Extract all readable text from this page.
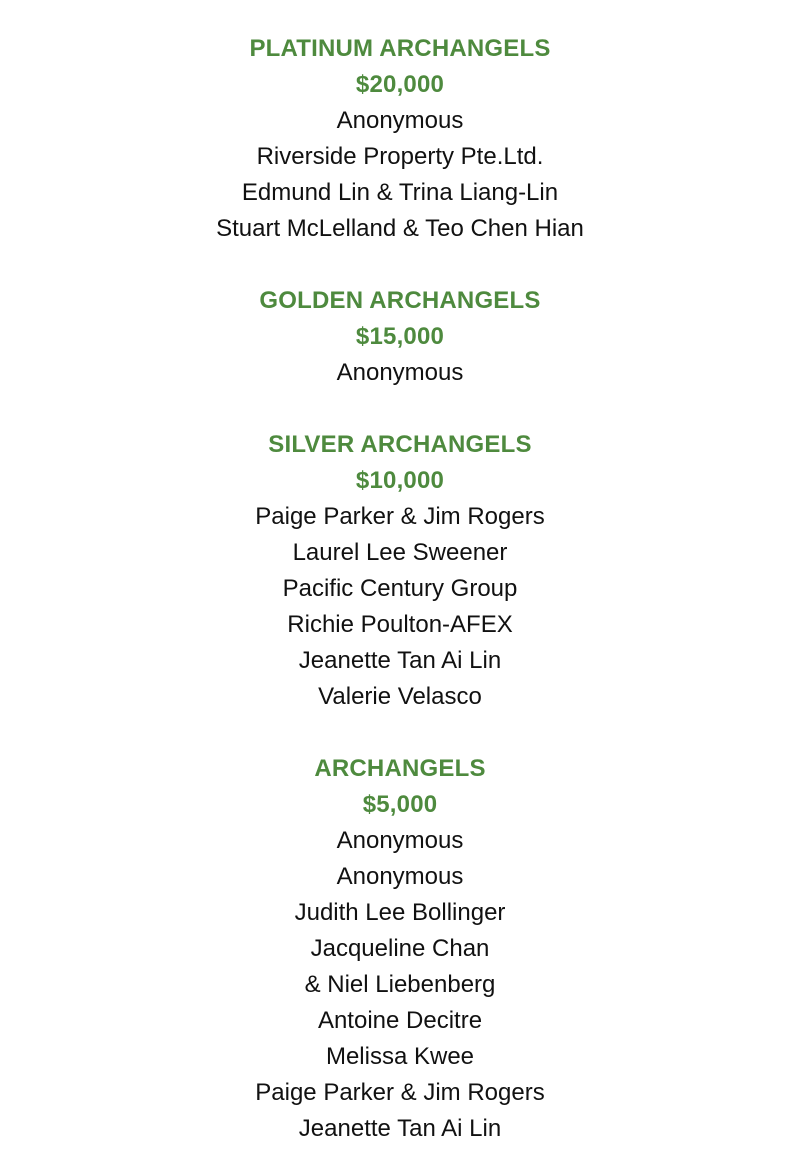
PLATINUM ARCHANGELS
$20,000
Anonymous
Riverside Property Pte.Ltd.
Edmund Lin & Trina Liang-Lin
Stuart McLelland & Teo Chen Hian
GOLDEN ARCHANGELS
$15,000
Anonymous
SILVER ARCHANGELS
$10,000
Paige Parker & Jim Rogers
Laurel Lee Sweener
Pacific Century Group
Richie Poulton-AFEX
Jeanette Tan Ai Lin
Valerie Velasco
ARCHANGELS
$5,000
Anonymous
Anonymous
Judith Lee Bollinger
Jacqueline Chan
& Niel Liebenberg
Antoine Decitre
Melissa Kwee
Paige Parker & Jim Rogers
Jeanette Tan Ai Lin
